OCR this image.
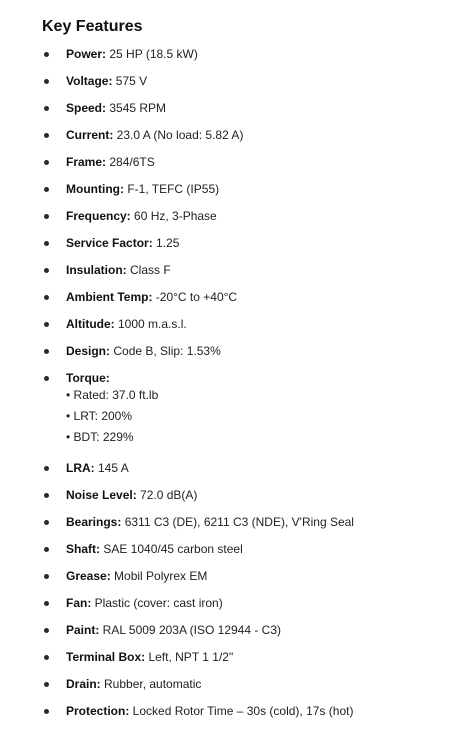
Key Features
Power: 25 HP (18.5 kW)
Voltage: 575 V
Speed: 3545 RPM
Current: 23.0 A (No load: 5.82 A)
Frame: 284/6TS
Mounting: F-1, TEFC (IP55)
Frequency: 60 Hz, 3-Phase
Service Factor: 1.25
Insulation: Class F
Ambient Temp: -20°C to +40°C
Altitude: 1000 m.a.s.l.
Design: Code B, Slip: 1.53%
Torque:
• Rated: 37.0 ft.lb
• LRT: 200%
• BDT: 229%
LRA: 145 A
Noise Level: 72.0 dB(A)
Bearings: 6311 C3 (DE), 6211 C3 (NDE), V'Ring Seal
Shaft: SAE 1040/45 carbon steel
Grease: Mobil Polyrex EM
Fan: Plastic (cover: cast iron)
Paint: RAL 5009 203A (ISO 12944 - C3)
Terminal Box: Left, NPT 1 1/2"
Drain: Rubber, automatic
Protection: Locked Rotor Time – 30s (cold), 17s (hot)
